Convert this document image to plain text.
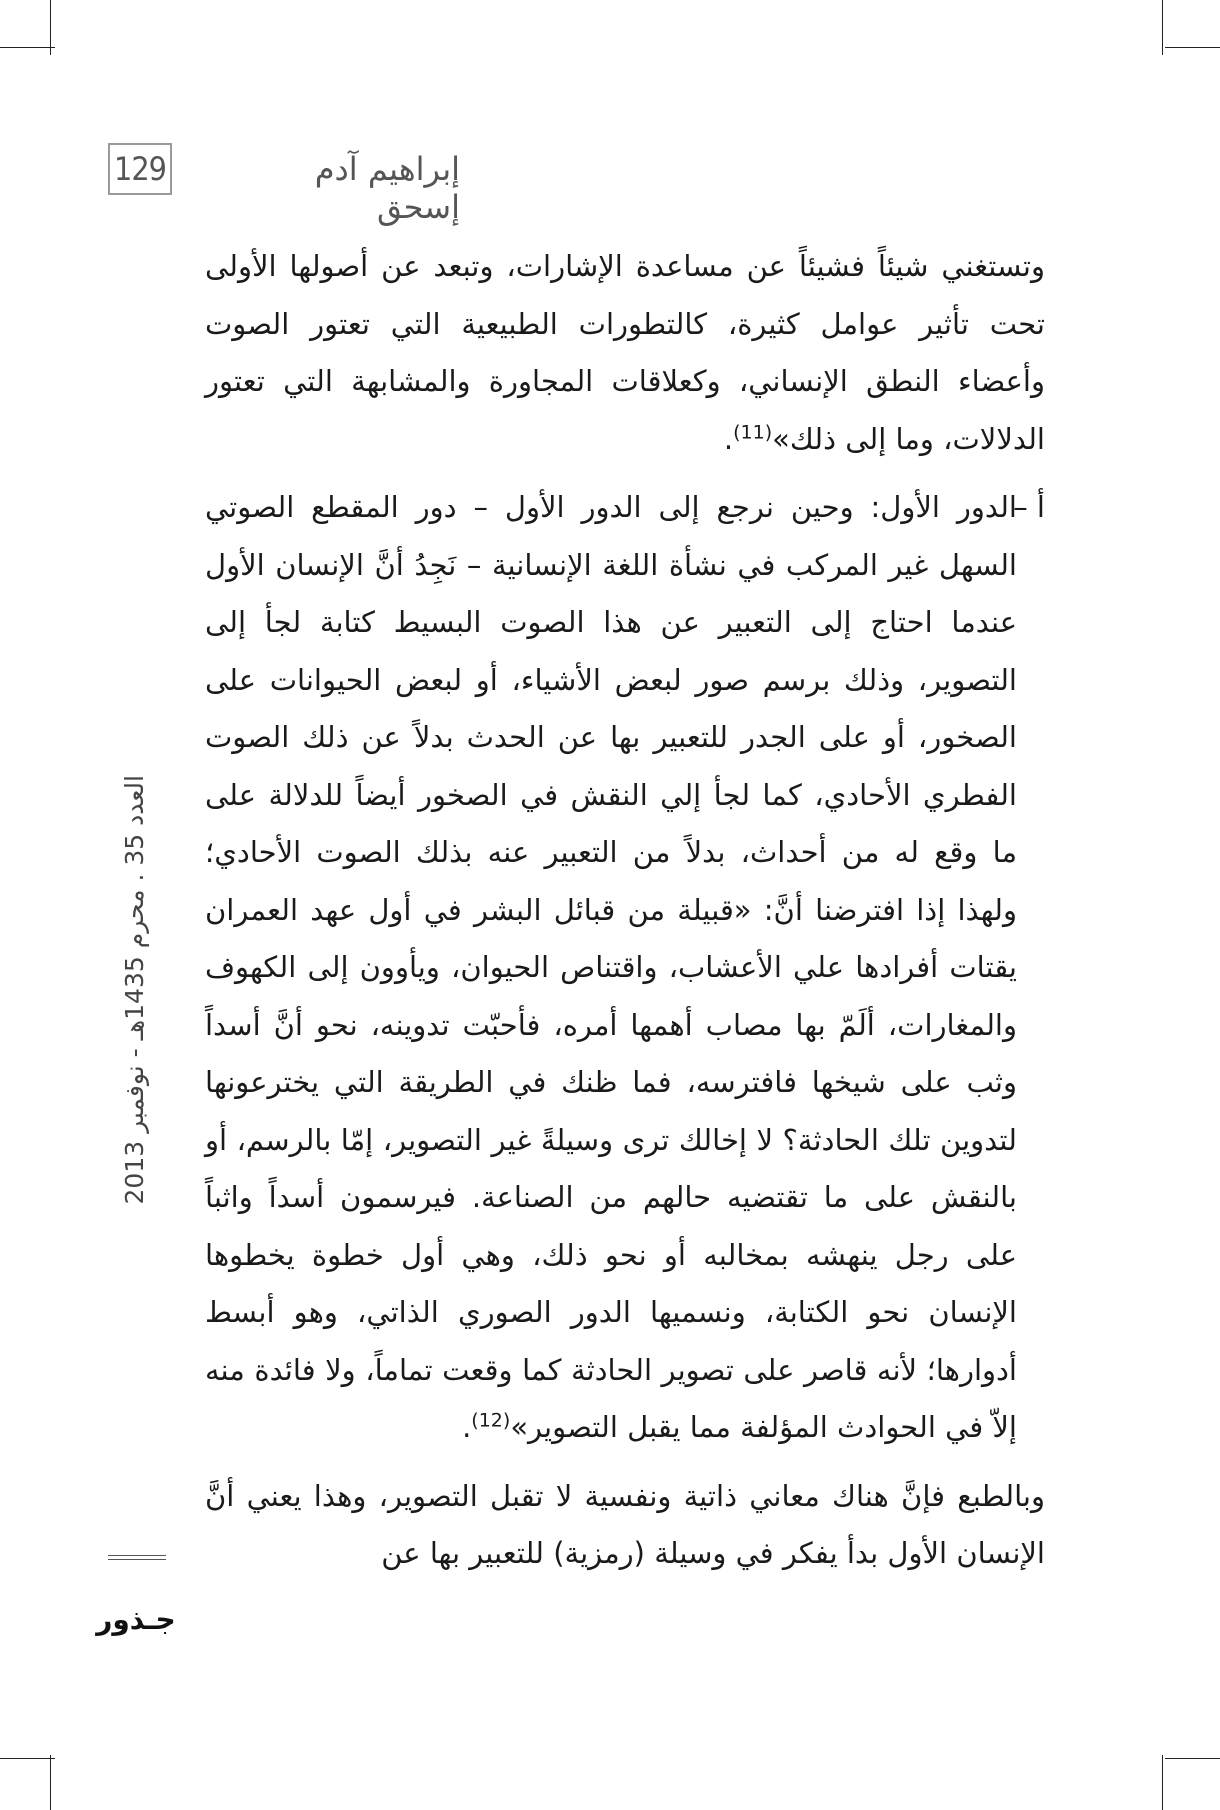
129	إبراهيم آدم إسحق

وتستغني شيئاً فشيئاً عن مساعدة الإشارات، وتبعد عن أصولها الأولى تحت تأثير عوامل كثيرة، كالتطورات الطبيعية التي تعتور الصوت وأعضاء النطق الإنساني، وكعلاقات المجاورة والمشابهة التي تعتور الدلالات، وما إلى ذلك»$^{(11)}$.

أ –
الدور الأول: وحين نرجع إلى الدور الأول – دور المقطع الصوتي السهل غير المركب في نشأة اللغة الإنسانية – نَجِدُ أنَّ الإنسان الأول عندما احتاج إلى التعبير عن هذا الصوت البسيط كتابة لجأ إلى التصوير، وذلك برسم صور لبعض الأشياء، أو لبعض الحيوانات على الصخور، أو على الجدر للتعبير بها عن الحدث بدلاً عن ذلك الصوت الفطري الأحادي، كما لجأ إلي النقش في الصخور أيضاً للدلالة على ما وقع له من أحداث، بدلاً من التعبير عنه بذلك الصوت الأحادي؛ ولهذا إذا افترضنا أنَّ: «قبيلة من قبائل البشر في أول عهد العمران يقتات أفرادها علي الأعشاب، واقتناص الحيوان، ويأوون إلى الكهوف والمغارات، ألَمّ بها مصاب أهمها أمره، فأحبّت تدوينه، نحو أنَّ أسداً وثب على شيخها فافترسه، فما ظنك في الطريقة التي يخترعونها لتدوين تلك الحادثة؟ لا إخالك ترى وسيلةً غير التصوير، إمّا بالرسم، أو بالنقش على ما تقتضيه حالهم من الصناعة. فيرسمون أسداً واثباً على رجل ينهشه بمخالبه أو نحو ذلك، وهي أول خطوة يخطوها الإنسان نحو الكتابة، ونسميها الدور الصوري الذاتي، وهو أبسط أدوارها؛ لأنه قاصر على تصوير الحادثة كما وقعت تماماً، ولا فائدة منه إلاّ في الحوادث المؤلفة مما يقبل التصوير»$^{(12)}$.

وبالطبع فإنَّ هناك معاني ذاتية ونفسية لا تقبل التصوير، وهذا يعني أنَّ الإنسان الأول بدأ يفكر في وسيلة (رمزية) للتعبير بها عن

العدد 35 . محرم 1435هـ - نوفمبر 2013
جـذور
